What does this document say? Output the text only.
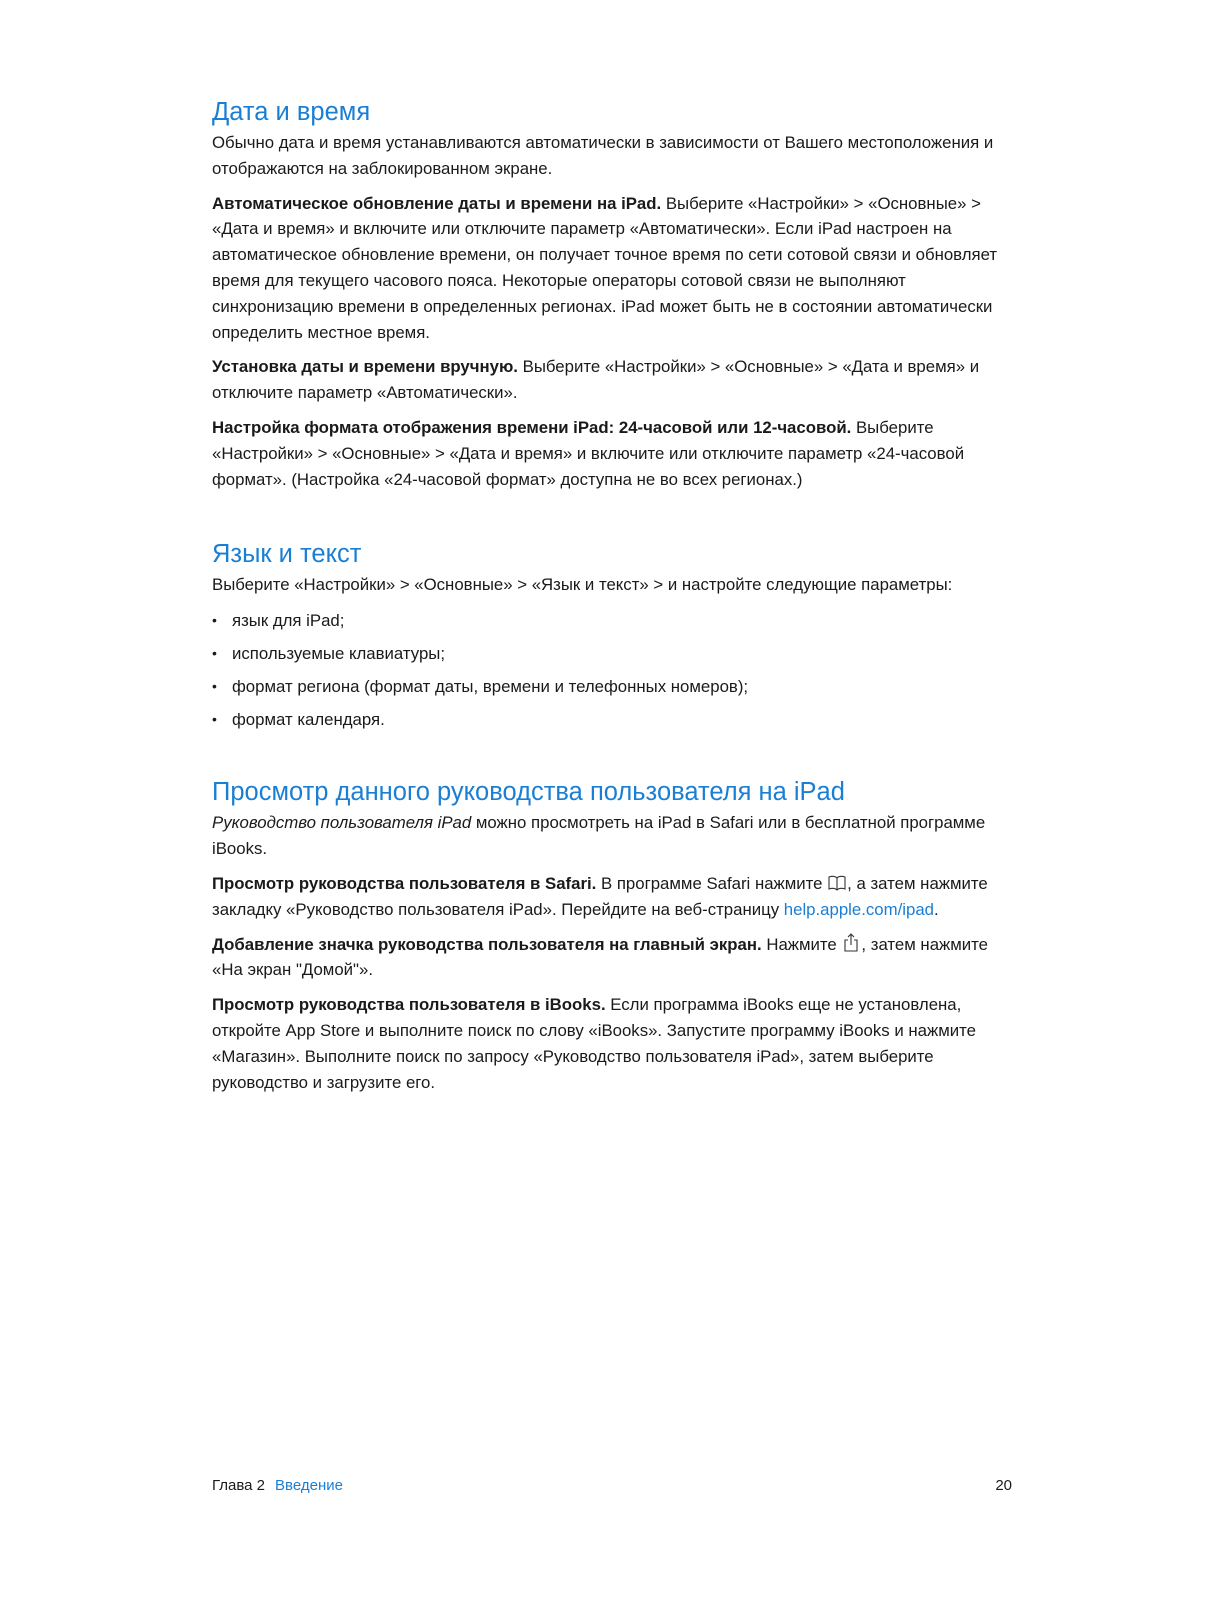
Дата и время

Обычно дата и время устанавливаются автоматически в зависимости от Вашего местоположения и отображаются на заблокированном экране.

Автоматическое обновление даты и времени на iPad. Выберите «Настройки» > «Основные» > «Дата и время» и включите или отключите параметр «Автоматически». Если iPad настроен на автоматическое обновление времени, он получает точное время по сети сотовой связи и обновляет время для текущего часового пояса. Некоторые операторы сотовой связи не выполняют синхронизацию времени в определенных регионах. iPad может быть не в состоянии автоматически определить местное время.

Установка даты и времени вручную. Выберите «Настройки» > «Основные» > «Дата и время» и отключите параметр «Автоматически».

Настройка формата отображения времени iPad: 24-часовой или 12-часовой. Выберите «Настройки» > «Основные» > «Дата и время» и включите или отключите параметр «24-часовой формат». (Настройка «24-часовой формат» доступна не во всех регионах.)

Язык и текст

Выберите «Настройки» > «Основные» > «Язык и текст» > и настройте следующие параметры:

• язык для iPad;
• используемые клавиатуры;
• формат региона (формат даты, времени и телефонных номеров);
• формат календаря.
Просмотр данного руководства пользователя на iPad

Руководство пользователя iPad можно просмотреть на iPad в Safari или в бесплатной программе iBooks.

Просмотр руководства пользователя в Safari. В программе Safari нажмите , а затем нажмите закладку «Руководство пользователя iPad». Перейдите на веб-страницу help.apple.com/ipad.

Добавление значка руководства пользователя на главный экран. Нажмите , затем нажмите «На экран "Домой"».

Просмотр руководства пользователя в iBooks. Если программа iBooks еще не установлена, откройте App Store и выполните поиск по слову «iBooks». Запустите программу iBooks и нажмите «Магазин». Выполните поиск по запросу «Руководство пользователя iPad», затем выберите руководство и загрузите его.

Глава 2 Введение	20
